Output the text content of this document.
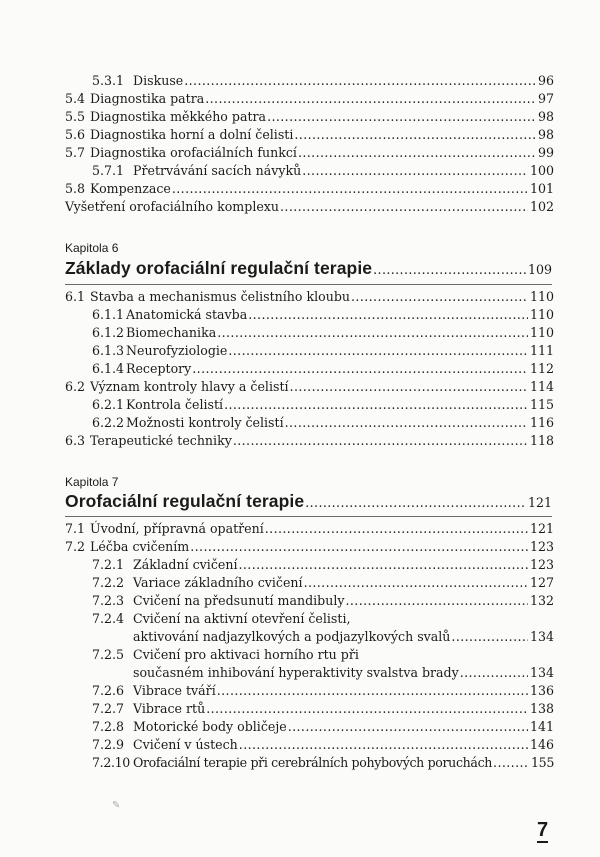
5.3.1 Diskuse .....	96
5.4 Diagnostika patra .....	97
5.5 Diagnostika měkkého patra .....	98
5.6 Diagnostika horní a dolní čelisti .....	98
5.7 Diagnostika orofaciálních funkcí .....	99
5.7.1 Přetrvávání sacích návyků .....	100
5.8 Kompenzace .....	101
Vyšetření orofaciálního komplexu .....	102
Kapitola 6
Základy orofaciální regulační terapie .....	109
6.1 Stavba a mechanismus čelistního kloubu .....	110
6.1.1 Anatomická stavba .....	110
6.1.2 Biomechanika .....	110
6.1.3 Neurofyziologie .....	111
6.1.4 Receptory .....	112
6.2 Význam kontroly hlavy a čelistí .....	114
6.2.1 Kontrola čelistí .....	115
6.2.2 Možnosti kontroly čelistí .....	116
6.3 Terapeutické techniky .....	118
Kapitola 7
Orofaciální regulační terapie .....	121
7.1 Úvodní, přípravná opatření .....	121
7.2 Léčba cvičením .....	123
7.2.1 Základní cvičení .....	123
7.2.2 Variace základního cvičení .....	127
7.2.3 Cvičení na předsunutí mandibuly .....	132
7.2.4 Cvičení na aktivní otevření čelisti,
aktivování nadjazylkových a podjazylkových svalů .....	134
7.2.5 Cvičení pro aktivaci horního rtu při
současném inhibování hyperaktivity svalstva brady .....	134
7.2.6 Vibrace tváří .....	136
7.2.7 Vibrace rtů .....	138
7.2.8 Motorické body obličeje .....	141
7.2.9 Cvičení v ústech .....	146
7.2.10 Orofaciální terapie při cerebrálních pohybových poruchách .....	155
✎
7
